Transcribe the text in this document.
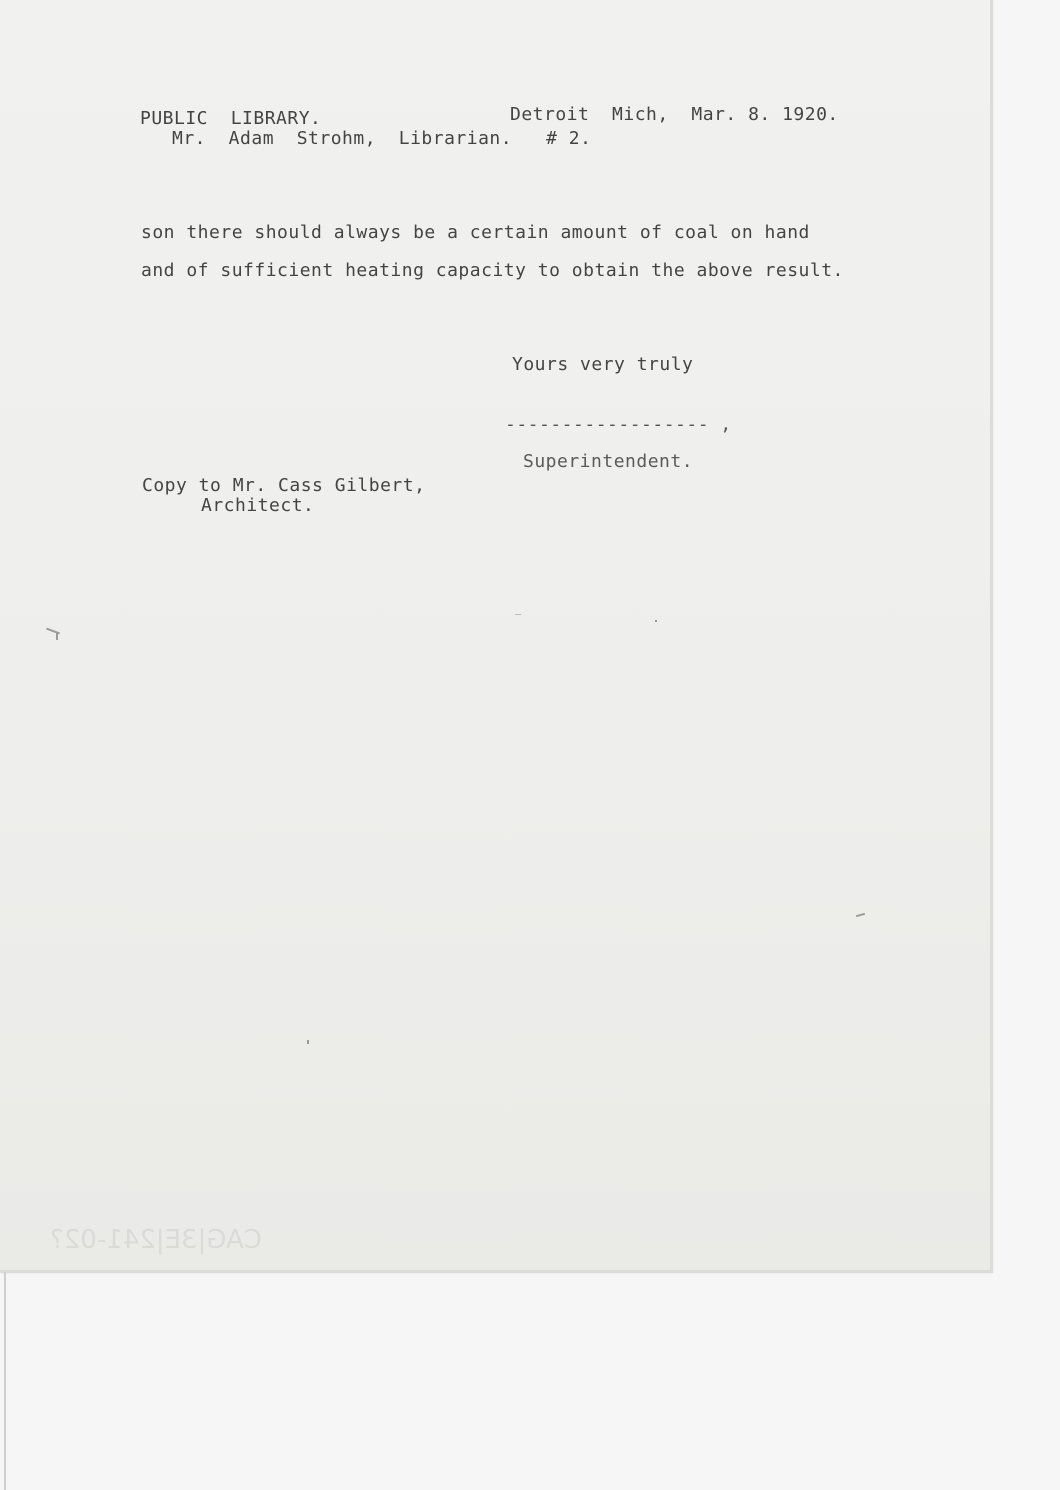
PUBLIC  LIBRARY.	Detroit  Mich,  Mar. 8. 1920.
Mr.  Adam  Strohm,  Librarian.   # 2.
son there should always be a certain amount of coal on hand
and of sufficient heating capacity to obtain the above result.
Yours very truly
------------------ ,
Superintendent.
Copy to Mr. Cass Gilbert,
Architect.
CAG|3E|241-02?
